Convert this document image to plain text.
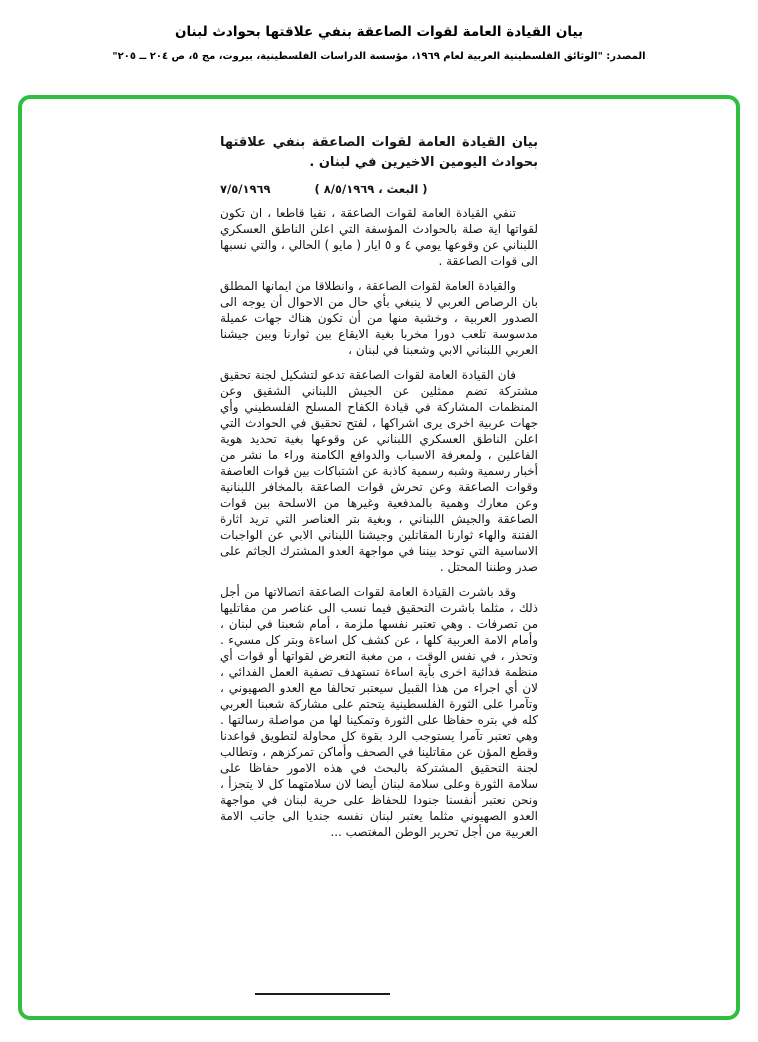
بيان القيادة العامة لقوات الصاعقة بنفي علاقتها بحوادث لبنان
المصدر: "الوثائق الفلسطينية العربية لعام ١٩٦٩، مؤسسة الدراسات الفلسطينية، بيروت، مج ٥، ص ٢٠٤ ــ ٢٠٥"
بيان القيادة العامة لقوات الصاعقة بنفي علاقتها بحوادث اليومين الاخيرين في لبنان .
٧/٥/١٩٦٩	( البعث ، ٨/٥/١٩٦٩ )

تنفي القيادة العامة لقوات الصاعقة ، نفيا قاطعا ، ان تكون لقواتها اية صلة بالحوادث المؤسفة التي اعلن الناطق العسكري اللبناني عن وقوعها يومي ٤ و ٥ ايار ( مايو ) الحالي ، والتي نسبها الى قوات الصاعقة .

والقيادة العامة لقوات الصاعقة ، وانطلاقا من ايمانها المطلق بان الرصاص العربي لا ينبغي بأي حال من الاحوال أن يوجه الى الصدور العربية ، وخشية منها من أن تكون هناك جهات عميلة مدسوسة تلعب دورا مخربا بغية الايقاع بين ثوارنا وبين جيشنا العربي اللبناني الابي وشعبنا في لبنان ،

فان القيادة العامة لقوات الصاعقة تدعو لتشكيل لجنة تحقيق مشتركة تضم ممثلين عن الجيش اللبناني الشقيق وعن المنظمات المشاركة في قيادة الكفاح المسلح الفلسطيني وأي جهات عربية اخرى يرى اشراكها ، لفتح تحقيق في الحوادث التي اعلن الناطق العسكري اللبناني عن وقوعها بغية تحديد هوية الفاعلين ، ولمعرفة الاسباب والدوافع الكامنة وراء ما نشر من أخبار رسمية وشبه رسمية كاذبة عن اشتباكات بين قوات العاصفة وقوات الصاعقة وعن تحرش قوات الصاعقة بالمخافر اللبنانية وعن معارك وهمية بالمدفعية وغيرها من الاسلحة بين قوات الصاعقة والجيش اللبناني ، وبغية بتر العناصر التي تريد اثارة الفتنة والهاء ثوارنا المقاتلين وجيشنا اللبناني الابي عن الواجبات الاساسية التي توحد بيننا في مواجهة العدو المشترك الجاثم على صدر وطننا المحتل .

وقد باشرت القيادة العامة لقوات الصاعقة اتصالاتها من أجل ذلك ، مثلما باشرت التحقيق فيما نسب الى عناصر من مقاتليها من تصرفات . وهي تعتبر نفسها ملزمة ، أمام شعبنا في لبنان ، وأمام الامة العربية كلها ، عن كشف كل اساءة وبتر كل مسيء . وتحذر ، في نفس الوقت ، من مغبة التعرض لقواتها أو قوات أي منظمة فدائية اخرى بأية اساءة تستهدف تصفية العمل الفدائي ، لان أي اجراء من هذا القبيل سيعتبر تحالفا مع العدو الصهيوني ، وتآمرا على الثورة الفلسطينية يتحتم على مشاركة شعبنا العربي كله في بتره حفاظا على الثورة وتمكينا لها من مواصلة رسالتها . وهي تعتبر تآمرا يستوجب الرد بقوة كل محاولة لتطويق قواعدنا وقطع المؤن عن مقاتلينا في الصحف وأماكن تمركزهم ، وتطالب لجنة التحقيق المشتركة بالبحث في هذه الامور حفاظا على سلامة الثورة وعلى سلامة لبنان أيضا لان سلامتهما كل لا يتجزأ ، ونحن نعتبر أنفسنا جنودا للحفاظ على حرية لبنان في مواجهة العدو الصهيوني مثلما يعتبر لبنان نفسه جنديا الى جانب الامة العربية من أجل تحرير الوطن المغتصب ...
